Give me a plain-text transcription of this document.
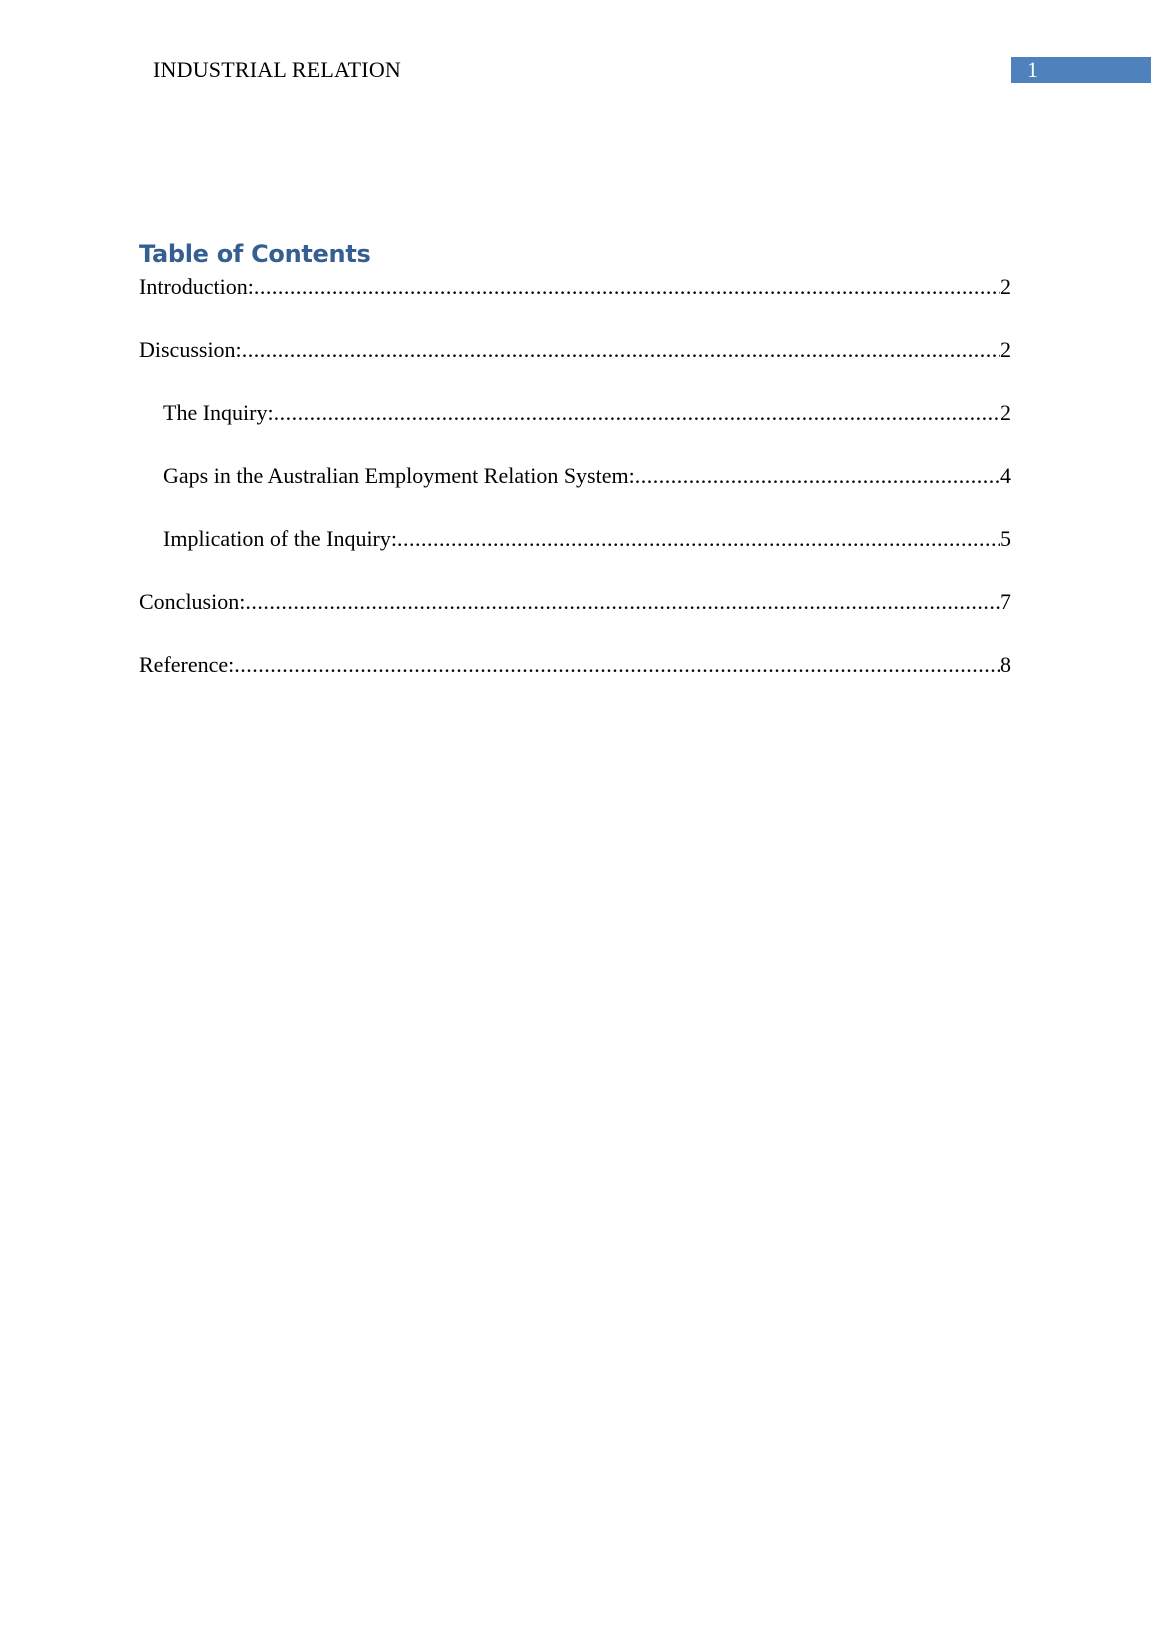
INDUSTRIAL RELATION	1
Table of Contents
Introduction: .....	2
Discussion: .....	2
The Inquiry: .....	2
Gaps in the Australian Employment Relation System: .....	4
Implication of the Inquiry: .....	5
Conclusion: .....	7
Reference: .....	8
